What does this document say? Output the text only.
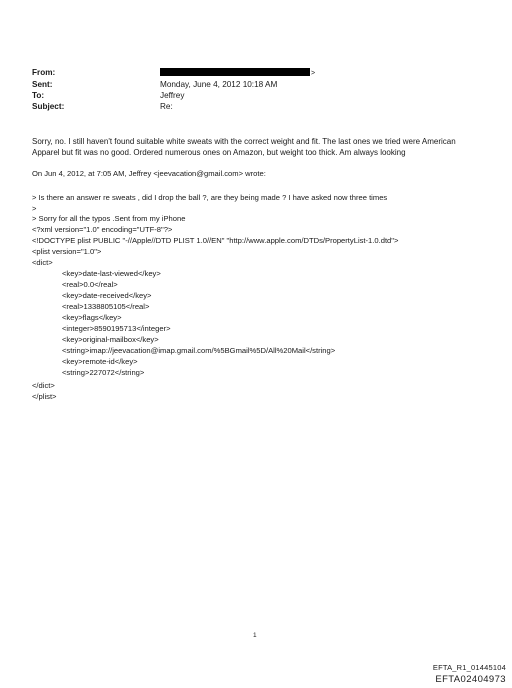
From:	>
Sent:	Monday, June 4, 2012 10:18 AM
To:	Jeffrey
Subject:	Re:
Sorry, no. I still haven't found suitable white sweats with the correct weight and fit. The last ones we tried were American Apparel but fit was no good. Ordered numerous ones on Amazon, but weight too thick. Am always looking
On Jun 4, 2012, at 7:05 AM, Jeffrey <jeevacation@gmail.com> wrote:
> Is there an answer re sweats , did I drop the ball ?, are they being made ? I have asked now three times
>
> Sorry for all the typos .Sent from my iPhone
<?xml version="1.0" encoding="UTF-8"?>
<!DOCTYPE plist PUBLIC "-//Apple//DTD PLIST 1.0//EN" "http://www.apple.com/DTDs/PropertyList-1.0.dtd">
<plist version="1.0">
<dict>
<key>date-last-viewed</key>
<real>0.0</real>
<key>date-received</key>
<real>1338805105</real>
<key>flags</key>
<integer>8590195713</integer>
<key>original-mailbox</key>
<string>imap://jeevacation@imap.gmail.com/%5BGmail%5D/All%20Mail</string>
<key>remote-id</key>
<string>227072</string>
</dict>
</plist>
1
EFTA_R1_01445104
EFTA02404973
